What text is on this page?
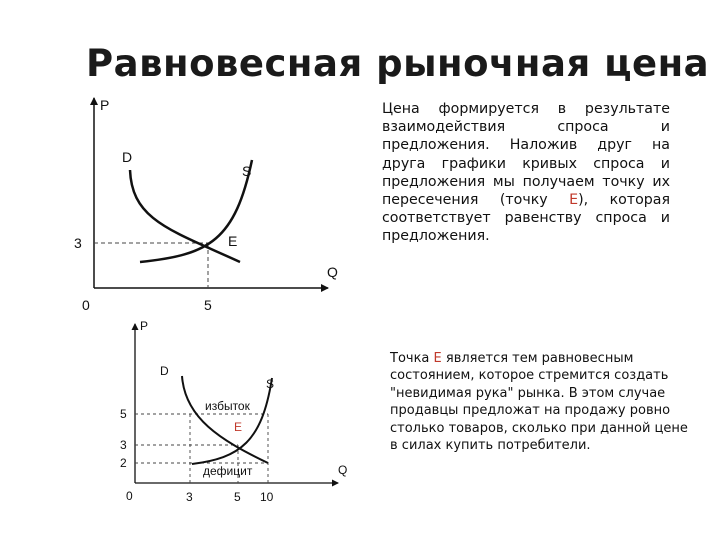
Равновесная рыночная цена
P
Q
0
D
S
E
3
5
P
Q
0
D
S
E
избыток
дефицит
5
3
2
3	5 10

Цена формируется в результате взаимодействия спроса и предложения. Наложив друг на друга графики кривых спроса и предложения мы получаем точку их пересечения (точку Е), которая соответствует равенству спроса и предложения.

Точка Е является тем равновесным состоянием, которое стремится создать "невидимая рука" рынка. В этом случае продавцы предложат на продажу ровно столько товаров, сколько при данной цене в силах купить потребители.
